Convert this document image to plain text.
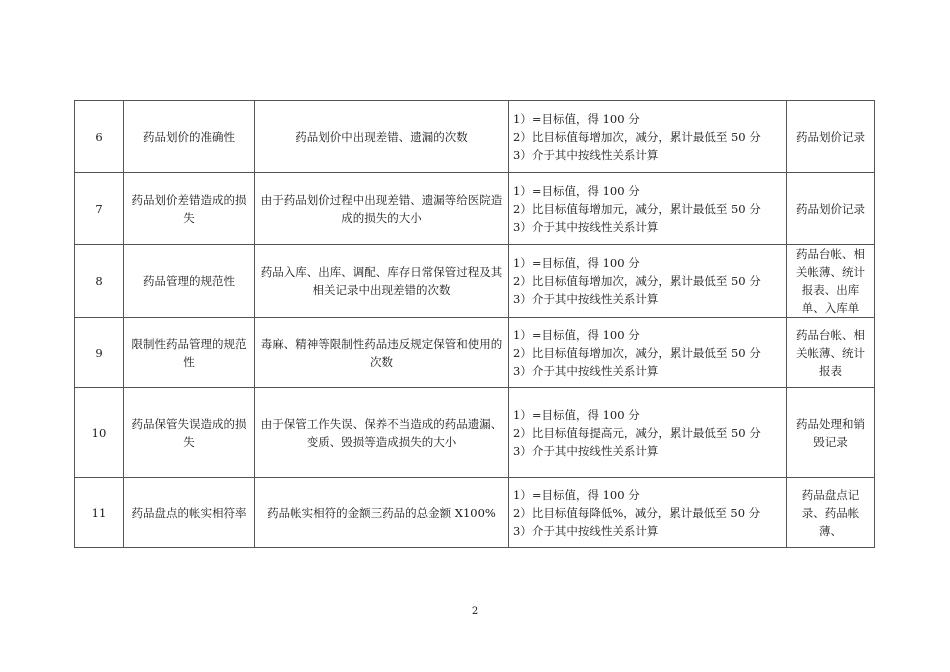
6	药品划价的准确性	药品划价中出现差错、遗漏的次数	1）=目标值，得 100 分
2）比目标值每增加次，减分，累计最低至 50 分
3）介于其中按线性关系计算	药品划价记录
7	药品划价差错造成的损失	由于药品划价过程中出现差错、遗漏等给医院造成的损失的大小	1）=目标值，得 100 分
2）比目标值每增加元，减分，累计最低至 50 分
3）介于其中按线性关系计算	药品划价记录
8	药品管理的规范性	药品入库、出库、调配、库存日常保管过程及其相关记录中出现差错的次数	1）=目标值，得 100 分
2）比目标值每增加次，减分，累计最低至 50 分
3）介于其中按线性关系计算	药品台帐、相关帐薄、统计报表、出库单、入库单
9	限制性药品管理的规范性	毒麻、精神等限制性药品违反规定保管和使用的次数	1）=目标值，得 100 分
2）比目标值每增加次，减分，累计最低至 50 分
3）介于其中按线性关系计算	药品台帐、相关帐薄、统计报表
10	药品保管失误造成的损失	由于保管工作失误、保养不当造成的药品遗漏、变质、毁损等造成损失的大小	1）=目标值，得 100 分
2）比目标值每提高元，减分，累计最低至 50 分
3）介于其中按线性关系计算	药品处理和销毁记录
11	药品盘点的帐实相符率	药品帐实相符的金额三药品的总金额 X100%	1）=目标值，得 100 分
2）比目标值每降低%，减分，累计最低至 50 分
3）介于其中按线性关系计算	药品盘点记录、药品帐薄、
2
